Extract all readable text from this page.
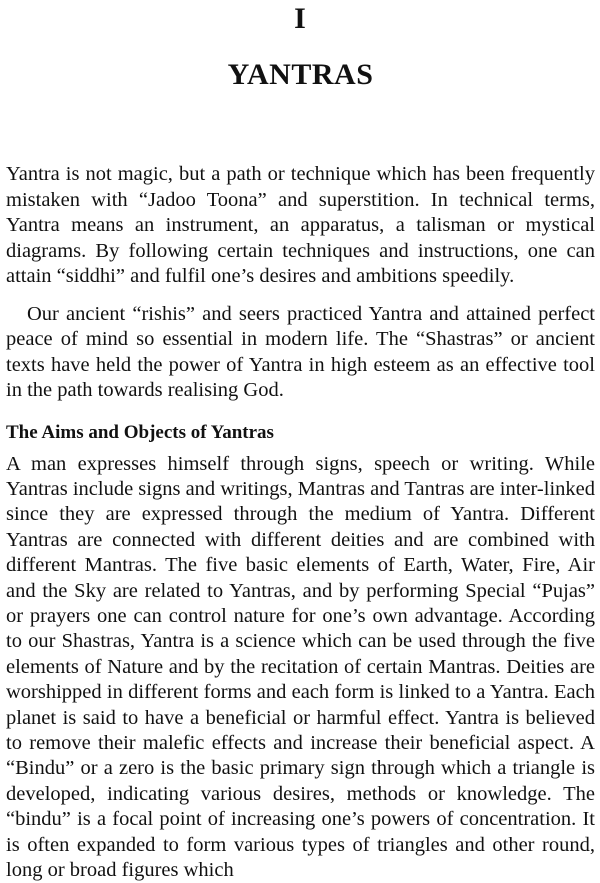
I
YANTRAS

Yantra is not magic, but a path or technique which has been frequently mistaken with “Jadoo Toona” and superstition. In technical terms, Yantra means an instrument, an apparatus, a talisman or mystical diagrams. By following certain techniques and instructions, one can attain “siddhi” and fulfil one’s desires and ambitions speedily.

Our ancient “rishis” and seers practiced Yantra and attained perfect peace of mind so essential in modern life. The “Shastras” or ancient texts have held the power of Yantra in high esteem as an effective tool in the path towards realising God.

The Aims and Objects of Yantras

A man expresses himself through signs, speech or writing. While Yantras include signs and writings, Mantras and Tantras are inter-linked since they are expressed through the medium of Yantra. Different Yantras are connected with different deities and are combined with different Mantras. The five basic elements of Earth, Water, Fire, Air and the Sky are related to Yantras, and by performing Special “Pujas” or prayers one can control nature for one’s own advantage. According to our Shastras, Yantra is a science which can be used through the five elements of Nature and by the recitation of certain Mantras. Deities are worshipped in different forms and each form is linked to a Yantra. Each planet is said to have a beneficial or harmful effect. Yantra is believed to remove their malefic effects and increase their beneficial aspect. A “Bindu” or a zero is the basic primary sign through which a triangle is developed, indicating various desires, methods or knowledge. The “bindu” is a focal point of increasing one’s powers of concentration. It is often expanded to form various types of triangles and other round, long or broad figures which
